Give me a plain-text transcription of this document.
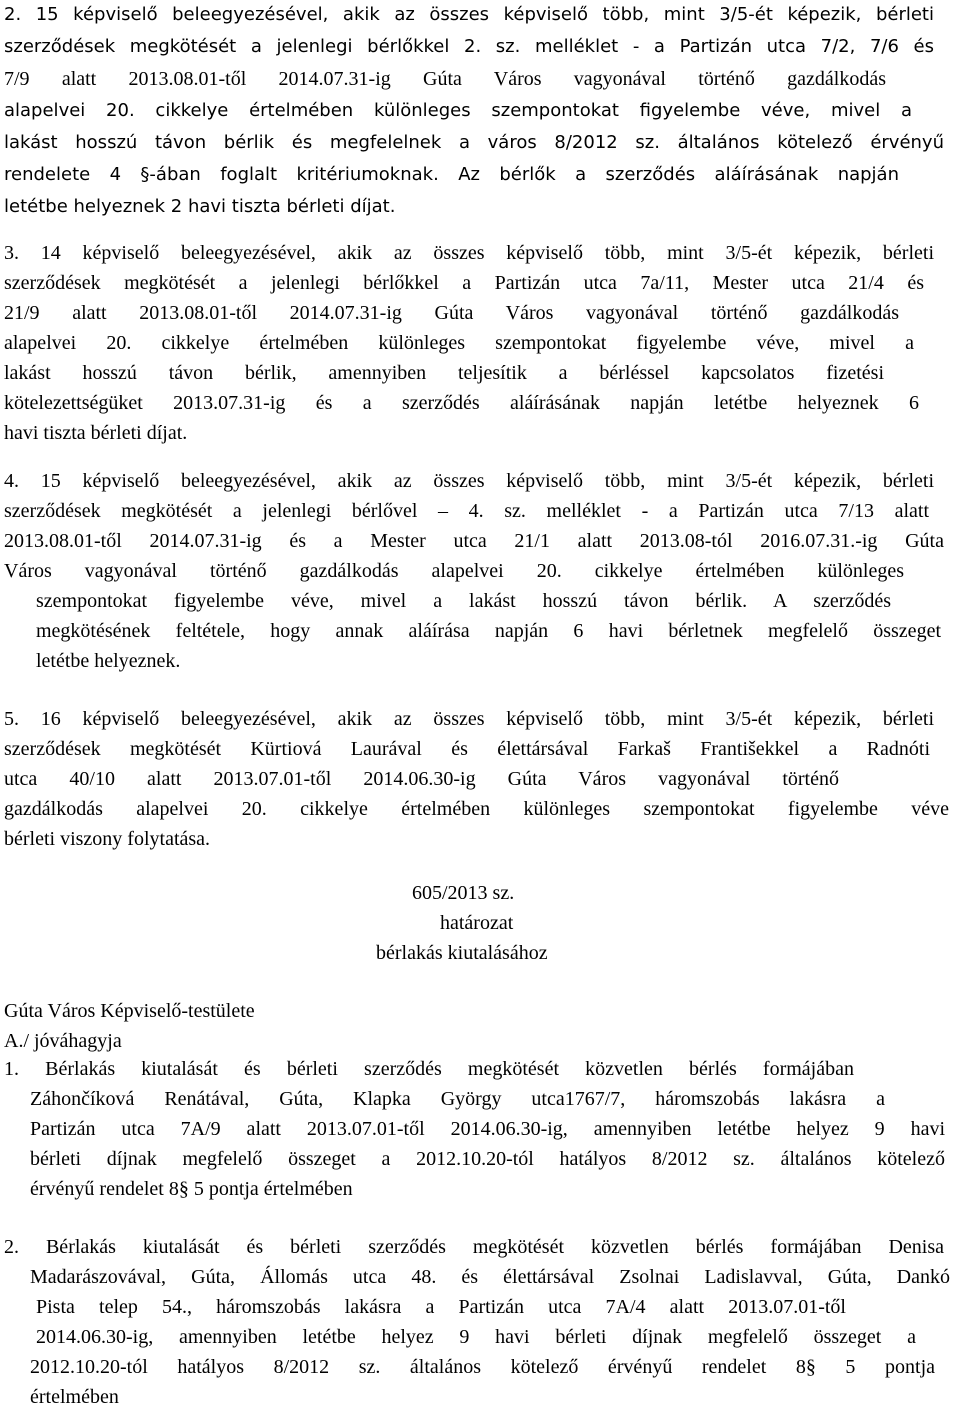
2. 15 képviselő beleegyezésével, akik az összes képviselő több, mint 3/5-ét képezik, bérleti
szerződések megkötését a jelenlegi bérlőkkel 2. sz. melléklet - a Partizán utca 7/2, 7/6 és
7/9 alatt 2013.08.01-től 2014.07.31-ig Gúta Város vagyonával történő gazdálkodás
alapelvei 20. cikkelye értelmében különleges szempontokat figyelembe véve, mivel a
lakást hosszú távon bérlik és megfelelnek a város 8/2012 sz. általános kötelező érvényű
rendelete 4 §-ában foglalt kritériumoknak. Az bérlők a szerződés aláírásának napján
letétbe helyeznek 2 havi tiszta bérleti díjat.
3. 14 képviselő beleegyezésével, akik az összes képviselő több, mint 3/5-ét képezik, bérleti
szerződések megkötését a jelenlegi bérlőkkel a Partizán utca 7a/11, Mester utca 21/4 és
21/9 alatt 2013.08.01-től 2014.07.31-ig Gúta Város vagyonával történő gazdálkodás
alapelvei 20. cikkelye értelmében különleges szempontokat figyelembe véve, mivel a
lakást hosszú távon bérlik, amennyiben teljesítik a bérléssel kapcsolatos fizetési
kötelezettségüket 2013.07.31-ig és a szerződés aláírásának napján letétbe helyeznek 6
havi tiszta bérleti díjat.
4. 15 képviselő beleegyezésével, akik az összes képviselő több, mint 3/5-ét képezik, bérleti
szerződések megkötését a jelenlegi bérlővel – 4. sz. melléklet - a Partizán utca 7/13 alatt
2013.08.01-től 2014.07.31-ig és a Mester utca 21/1 alatt 2013.08-tól 2016.07.31.-ig Gúta
Város vagyonával történő gazdálkodás alapelvei 20. cikkelye értelmében különleges
szempontokat figyelembe véve, mivel a lakást hosszú távon bérlik. A szerződés
megkötésének feltétele, hogy annak aláírása napján 6 havi bérletnek megfelelő összeget
letétbe helyeznek.
5. 16 képviselő beleegyezésével, akik az összes képviselő több, mint 3/5-ét képezik, bérleti
szerződések megkötését Kürtiová Laurával és élettársával Farkaš Františekkel a Radnóti
utca 40/10 alatt 2013.07.01-től 2014.06.30-ig Gúta Város vagyonával történő
gazdálkodás alapelvei 20. cikkelye értelmében különleges szempontokat figyelembe véve
bérleti viszony folytatása.
605/2013 sz.
határozat
bérlakás kiutalásához
Gúta Város Képviselő-testülete
A./ jóváhagyja
1. Bérlakás kiutalását és bérleti szerződés megkötését közvetlen bérlés formájában
Záhončíková Renátával, Gúta, Klapka György utca1767/7, háromszobás lakásra a
Partizán utca 7A/9 alatt 2013.07.01-től 2014.06.30-ig, amennyiben letétbe helyez 9 havi
bérleti díjnak megfelelő összeget a 2012.10.20-tól hatályos 8/2012 sz. általános kötelező
érvényű rendelet 8§ 5 pontja értelmében
2. Bérlakás kiutalását és bérleti szerződés megkötését közvetlen bérlés formájában Denisa
Madarászovával, Gúta, Állomás utca 48. és élettársával Zsolnai Ladislavval, Gúta, Dankó
Pista telep 54., háromszobás lakásra a Partizán utca 7A/4 alatt 2013.07.01-től
2014.06.30-ig, amennyiben letétbe helyez 9 havi bérleti díjnak megfelelő összeget a
2012.10.20-tól hatályos 8/2012 sz. általános kötelező érvényű rendelet 8§ 5 pontja
értelmében
